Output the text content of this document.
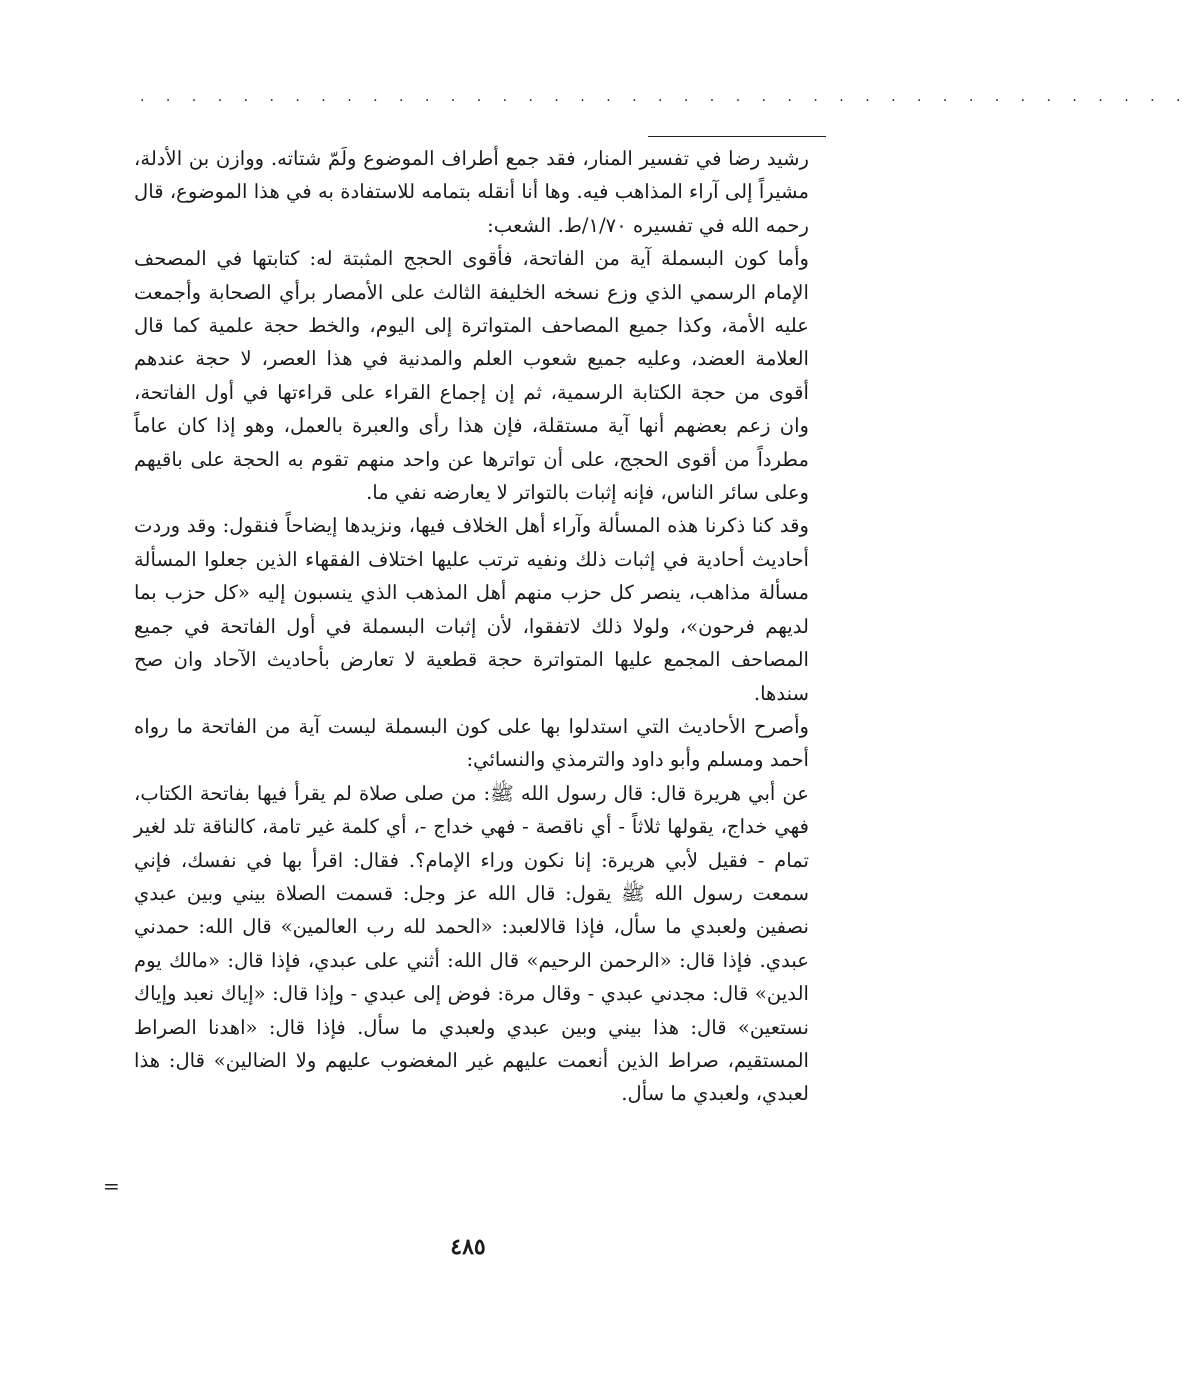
. . . . . . . . . . . . . . . . . . . . . . . . . . . . . . . . . . . . . . . . .

رشيد رضا في تفسير المنار، فقد جمع أطراف الموضوع ولَمّ شتاته. ووازن بن الأدلة، مشيراً إلى آراء المذاهب فيه. وها أنا أنقله بتمامه للاستفادة به في هذا الموضوع، قال رحمه الله في تفسيره ١/٧٠/ط. الشعب:

وأما كون البسملة آية من الفاتحة، فأقوى الحجج المثبتة له: كتابتها في المصحف الإمام الرسمي الذي وزع نسخه الخليفة الثالث على الأمصار برأي الصحابة وأجمعت عليه الأمة، وكذا جميع المصاحف المتواترة إلى اليوم، والخط حجة علمية كما قال العلامة العضد، وعليه جميع شعوب العلم والمدنية في هذا العصر، لا حجة عندهم أقوى من حجة الكتابة الرسمية، ثم إن إجماع القراء على قراءتها في أول الفاتحة، وان زعم بعضهم أنها آية مستقلة، فإن هذا رأى والعبرة بالعمل، وهو إذا كان عاماً مطرداً من أقوى الحجج، على أن تواترها عن واحد منهم تقوم به الحجة على باقيهم وعلى سائر الناس، فإنه إثبات بالتواتر لا يعارضه نفي ما.

وقد كنا ذكرنا هذه المسألة وآراء أهل الخلاف فيها، ونزيدها إيضاحاً فنقول: وقد وردت أحاديث أحادية في إثبات ذلك ونفيه ترتب عليها اختلاف الفقهاء الذين جعلوا المسألة مسألة مذاهب، ينصر كل حزب منهم أهل المذهب الذي ينسبون إليه «كل حزب بما لديهم فرحون»، ولولا ذلك لاتفقوا، لأن إثبات البسملة في أول الفاتحة في جميع المصاحف المجمع عليها المتواترة حجة قطعية لا تعارض بأحاديث الآحاد وان صح سندها.

وأصرح الأحاديث التي استدلوا بها على كون البسملة ليست آية من الفاتحة ما رواه أحمد ومسلم وأبو داود والترمذي والنسائي:

عن أبي هريرة قال: قال رسول الله ﷺ: من صلى صلاة لم يقرأ فيها بفاتحة الكتاب، فهي خداج، يقولها ثلاثاً - أي ناقصة - فهي خداج -، أي كلمة غير تامة، كالناقة تلد لغير تمام - فقيل لأبي هريرة: إنا نكون وراء الإمام؟. فقال: اقرأ بها في نفسك، فإني سمعت رسول الله ﷺ يقول: قال الله عز وجل: قسمت الصلاة بيني وبين عبدي نصفين ولعبدي ما سأل، فإذا قالالعبد: «الحمد لله رب العالمين» قال الله: حمدني عبدي. فإذا قال: «الرحمن الرحيم» قال الله: أثني على عبدي، فإذا قال: «مالك يوم الدين» قال: مجدني عبدي - وقال مرة: فوض إلى عبدي - وإذا قال: «إياك نعبد وإياك نستعين» قال: هذا بيني وبين عبدي ولعبدي ما سأل. فإذا قال: «اهدنا الصراط المستقيم، صراط الذين أنعمت عليهم غير المغضوب عليهم ولا الضالين» قال: هذا لعبدي، ولعبدي ما سأل.

=
٤٨٥
